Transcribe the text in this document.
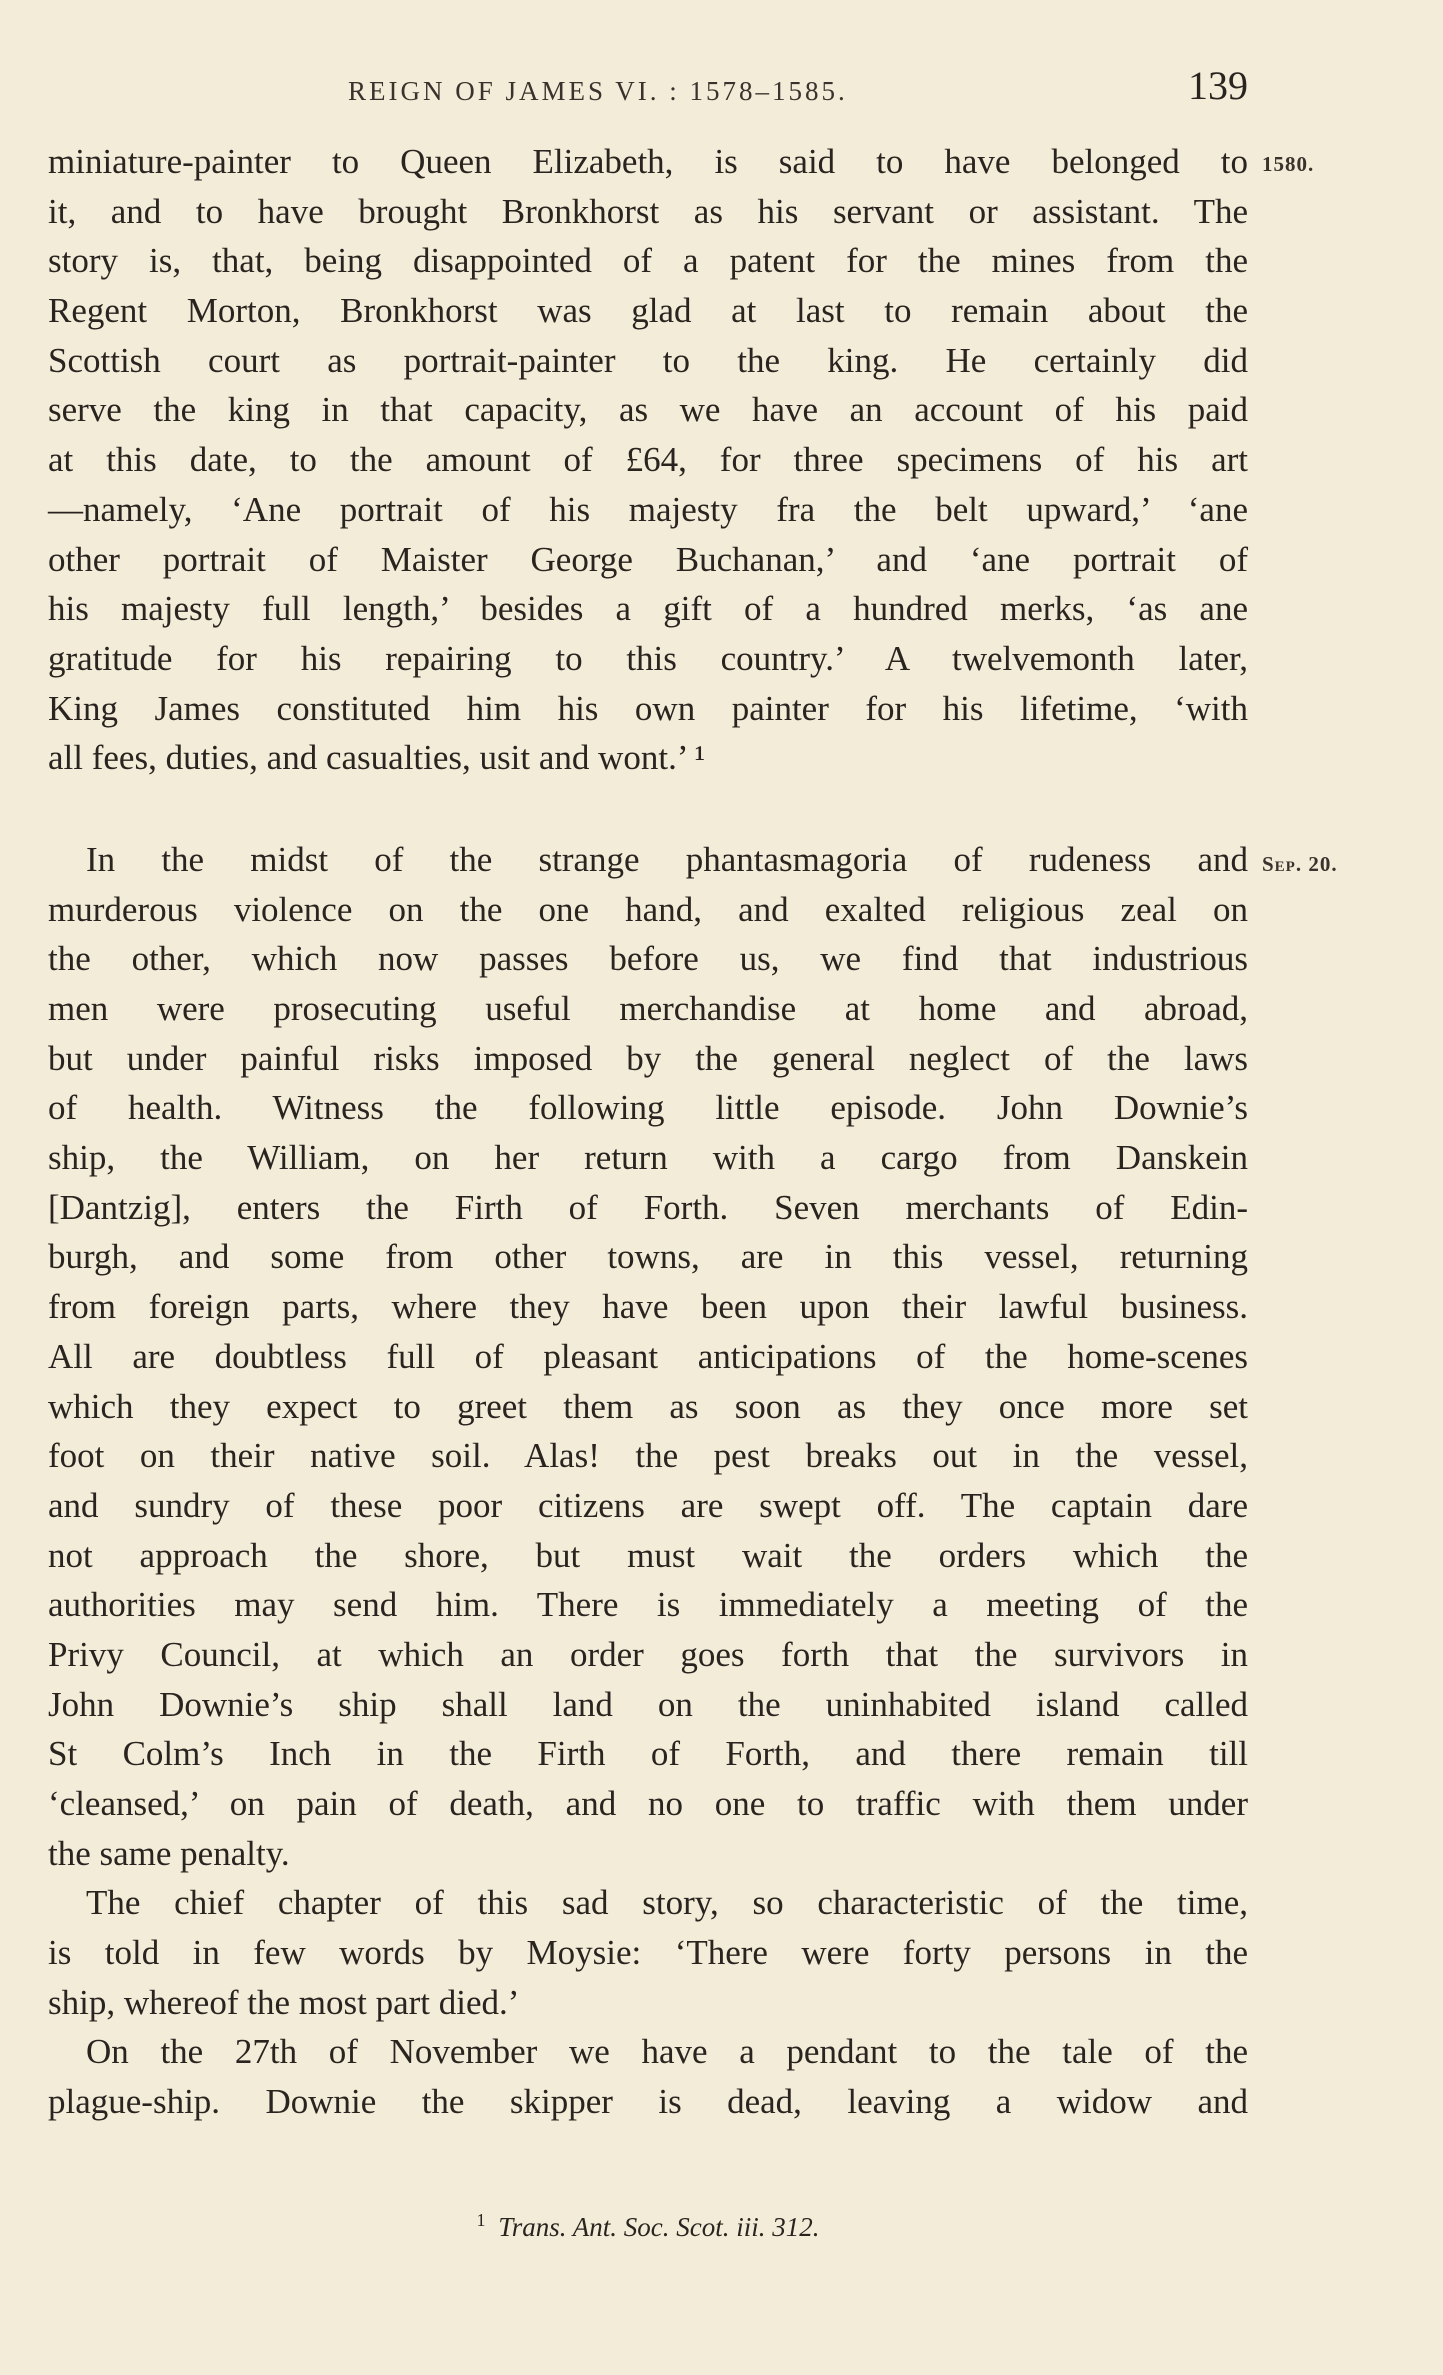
REIGN OF JAMES VI. : 1578–1585.	139
1580.
Sep. 20.
miniature-painter to Queen Elizabeth, is said to have belonged to
it, and to have brought Bronkhorst as his servant or assistant. The
story is, that, being disappointed of a patent for the mines from the
Regent Morton, Bronkhorst was glad at last to remain about the
Scottish court as portrait-painter to the king. He certainly did
serve the king in that capacity, as we have an account of his paid
at this date, to the amount of £64, for three specimens of his art
—namely, ‘Ane portrait of his majesty fra the belt upward,’ ‘ane
other portrait of Maister George Buchanan,’ and ‘ane portrait of
his majesty full length,’ besides a gift of a hundred merks, ‘as ane
gratitude for his repairing to this country.’ A twelvemonth later,
King James constituted him his own painter for his lifetime, ‘with
all fees, duties, and casualties, usit and wont.’ ¹
In the midst of the strange phantasmagoria of rudeness and
murderous violence on the one hand, and exalted religious zeal on
the other, which now passes before us, we find that industrious
men were prosecuting useful merchandise at home and abroad,
but under painful risks imposed by the general neglect of the laws
of health. Witness the following little episode. John Downie’s
ship, the William, on her return with a cargo from Danskein
[Dantzig], enters the Firth of Forth. Seven merchants of Edin-
burgh, and some from other towns, are in this vessel, returning
from foreign parts, where they have been upon their lawful business.
All are doubtless full of pleasant anticipations of the home-scenes
which they expect to greet them as soon as they once more set
foot on their native soil. Alas! the pest breaks out in the vessel,
and sundry of these poor citizens are swept off. The captain dare
not approach the shore, but must wait the orders which the
authorities may send him. There is immediately a meeting of the
Privy Council, at which an order goes forth that the survivors in
John Downie’s ship shall land on the uninhabited island called
St Colm’s Inch in the Firth of Forth, and there remain till
‘cleansed,’ on pain of death, and no one to traffic with them under
the same penalty.
The chief chapter of this sad story, so characteristic of the time,
is told in few words by Moysie: ‘There were forty persons in the
ship, whereof the most part died.’
On the 27th of November we have a pendant to the tale of the
plague-ship. Downie the skipper is dead, leaving a widow and
$^1$ Trans. Ant. Soc. Scot. iii. 312.
